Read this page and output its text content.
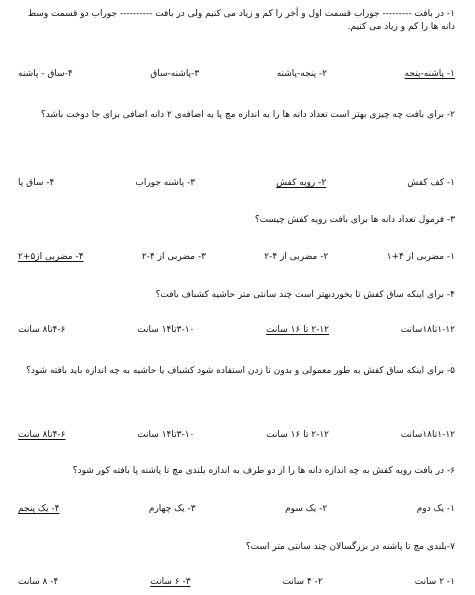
۱- در بافت --------- جوراب قسمت اول و آخر را کم و زیاد می کنیم ولی در بافت ---------- جوراب دو قسمت وسط دانه ها را کم و زیاد می کنیم.
۱- پاشنه-پنجه
۲- پنجه-پاشنه
۳-پاشنه-ساق
۴-ساق - پاشنه
۲- برای بافت چه چیزی بهتر است تعداد دانه ها را به اندازه مچ پا به اضافه‌ی ۲ دانه اضافی برای جا دوخت باشد؟
۱- کف کفش
۲- رویه کفش
۳- پاشنه جوراب
۴- ساق پا
۳- فرمول تعداد دانه ها برای بافت رویه کفش چیست؟
۱- مضربی از ۴+۱
۲- مضربی از ۴-۲
۳- مضربی از ۴-۲
۴- مضربی از۵+۲
۴- برای اینکه ساق کفش تا بخوردبهتر است چند سانتی متر حاشیه کشباف بافت؟
۱-۱۲تا۱۸سانت
۲-۱۲ تا ۱۶ سانت
۳-۱۰تا۱۴ سانت
۴-۶تا۸ سانت
۵- برای اینکه ساق کفش به طور معمولی و بدون تا زدن استفاده شود کشباف یا حاشیه به چه اندازه باید بافته شود؟
۱-۱۲تا۱۸سانت
۲-۱۲ تا ۱۶ سانت
۳-۱۰تا۱۴ سانت
۴-۶تا۸ سانت
۶- در بافت رویه کفش به چه اندازه دانه ها را از دو طرف به اندازه بلندی مچ تا پاشنه پا بافته کور شود؟
۱- یک دوم
۲- یک سوم
۳- یک چهارم
۴- یک پنجم
۷-بلندی مچ تا پاشنه در بزرگسالان چند سانتی متر است؟
۱- ۲ سانت
۲- ۴ سانت
۳- ۶ سانت
۴- ۸ سانت
